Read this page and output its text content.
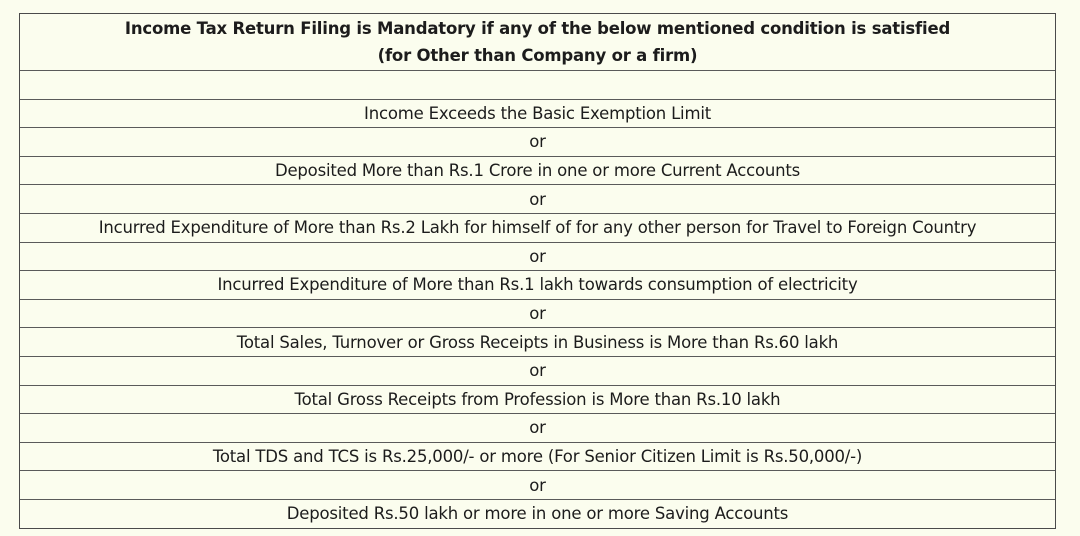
Income Tax Return Filing is Mandatory if any of the below mentioned condition is satisfied
(for Other than Company or a firm)
Income Exceeds the Basic Exemption Limit
or
Deposited More than Rs.1 Crore in one or more Current Accounts
or
Incurred Expenditure of More than Rs.2 Lakh for himself of for any other person for Travel to Foreign Country
or
Incurred Expenditure of More than Rs.1 lakh towards consumption of electricity
or
Total Sales, Turnover or Gross Receipts in Business is More than Rs.60 lakh
or
Total Gross Receipts from Profession is More than Rs.10 lakh
or
Total TDS and TCS is Rs.25,000/- or more (For Senior Citizen Limit is Rs.50,000/-)
or
Deposited Rs.50 lakh or more in one or more Saving Accounts
